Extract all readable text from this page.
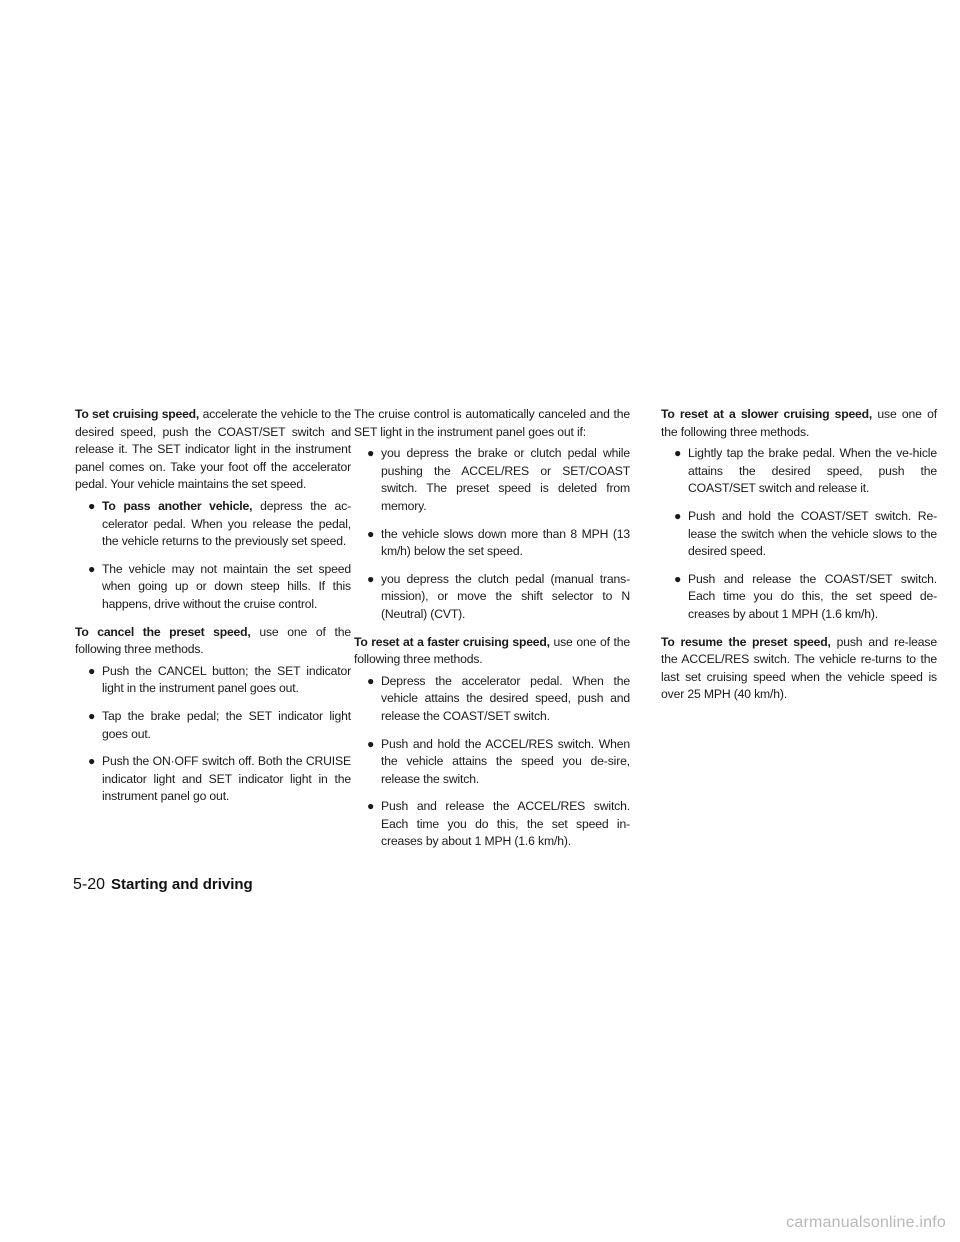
To set cruising speed, accelerate the vehicle to the desired speed, push the COAST/SET switch and release it. The SET indicator light in the instrument panel comes on. Take your foot off the accelerator pedal. Your vehicle maintains the set speed.

● To pass another vehicle, depress the ac-celerator pedal. When you release the pedal, the vehicle returns to the previously set speed.
● The vehicle may not maintain the set speed when going up or down steep hills. If this happens, drive without the cruise control.

To cancel the preset speed, use one of the following three methods.

● Push the CANCEL button; the SET indicator light in the instrument panel goes out.
● Tap the brake pedal; the SET indicator light goes out.
● Push the ON·OFF switch off. Both the CRUISE indicator light and SET indicator light in the instrument panel go out.

The cruise control is automatically canceled and the SET light in the instrument panel goes out if:

● you depress the brake or clutch pedal while pushing the ACCEL/RES or SET/COAST switch. The preset speed is deleted from memory.
● the vehicle slows down more than 8 MPH (13 km/h) below the set speed.
● you depress the clutch pedal (manual trans-mission), or move the shift selector to N (Neutral) (CVT).

To reset at a faster cruising speed, use one of the following three methods.

● Depress the accelerator pedal. When the vehicle attains the desired speed, push and release the COAST/SET switch.
● Push and hold the ACCEL/RES switch. When the vehicle attains the speed you de-sire, release the switch.
● Push and release the ACCEL/RES switch. Each time you do this, the set speed in-creases by about 1 MPH (1.6 km/h).

To reset at a slower cruising speed, use one of the following three methods.

● Lightly tap the brake pedal. When the ve-hicle attains the desired speed, push the COAST/SET switch and release it.
● Push and hold the COAST/SET switch. Re-lease the switch when the vehicle slows to the desired speed.
● Push and release the COAST/SET switch. Each time you do this, the set speed de-creases by about 1 MPH (1.6 km/h).

To resume the preset speed, push and re-lease the ACCEL/RES switch. The vehicle re-turns to the last set cruising speed when the vehicle speed is over 25 MPH (40 km/h).

5-20 Starting and driving
carmanualsonline.info
